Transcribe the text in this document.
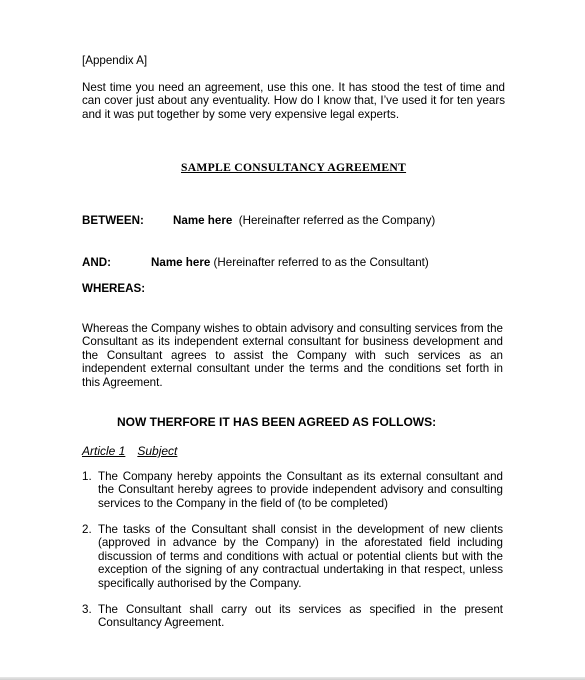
[Appendix A]
Nest time you need an agreement, use this one. It has stood the test of time and can cover just about any eventuality. How do I know that, I’ve used it for ten years and it was put together by some very expensive legal experts.
SAMPLE CONSULTANCY AGREEMENT
BETWEEN:	Name here (Hereinafter referred as the Company)
AND:	Name here (Hereinafter referred to as the Consultant)
WHEREAS:
Whereas the Company wishes to obtain advisory and consulting services from the Consultant as its independent external consultant for business development and the Consultant agrees to assist the Company with such services as an independent external consultant under the terms and the conditions set forth in this Agreement.
NOW THERFORE IT HAS BEEN AGREED AS FOLLOWS:
Article 1 Subject
1. The Company hereby appoints the Consultant as its external consultant and the Consultant hereby agrees to provide independent advisory and consulting services to the Company in the field of (to be completed)
2. The tasks of the Consultant shall consist in the development of new clients (approved in advance by the Company) in the aforestated field including discussion of terms and conditions with actual or potential clients but with the exception of the signing of any contractual undertaking in that respect, unless specifically authorised by the Company.
3. The Consultant shall carry out its services as specified in the present Consultancy Agreement.
